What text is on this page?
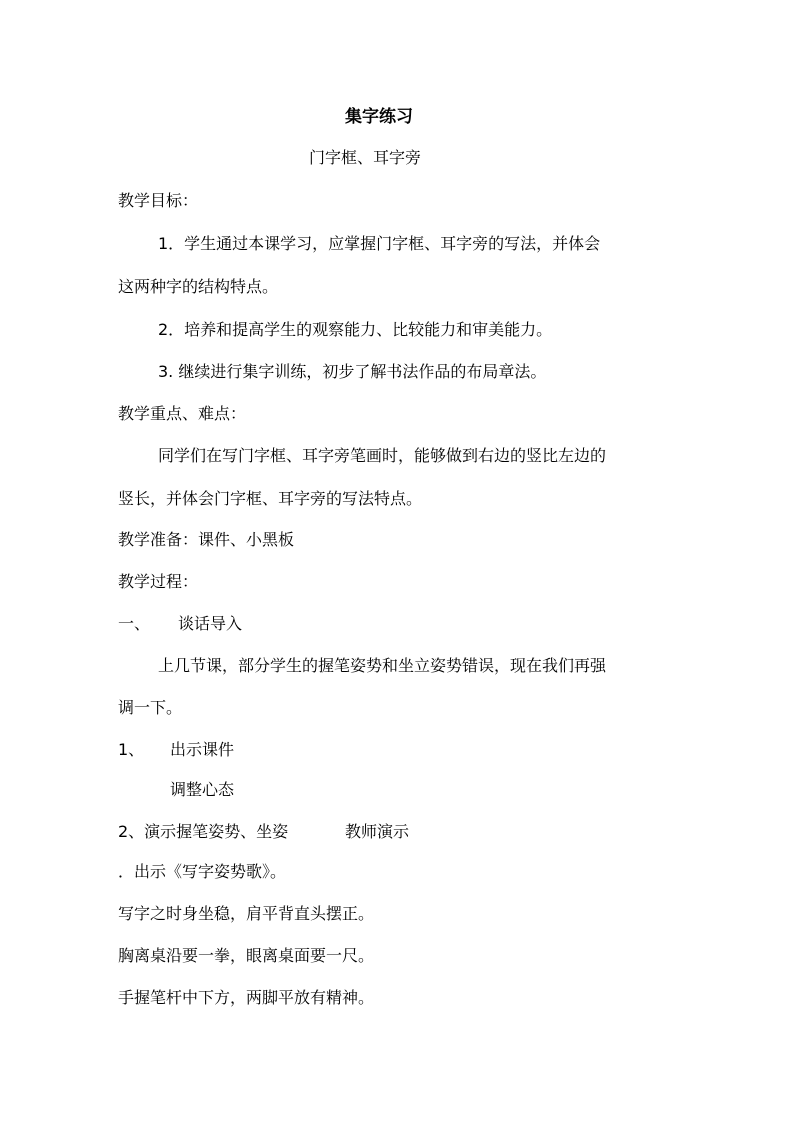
集字练习
门字框、耳字旁
教学目标：
1．学生通过本课学习，应掌握门字框、耳字旁的写法，并体会
这两种字的结构特点。
2．培养和提高学生的观察能力、比较能力和审美能力。
3. 继续进行集字训练，初步了解书法作品的布局章法。
教学重点、难点：
同学们在写门字框、耳字旁笔画时，能够做到右边的竖比左边的
竖长，并体会门字框、耳字旁的写法特点。
教学准备：课件、小黑板
教学过程：
一、 谈话导入
上几节课，部分学生的握笔姿势和坐立姿势错误，现在我们再强
调一下。
1、 出示课件
调整心态
2、演示握笔姿势、坐姿	教师演示
．出示《写字姿势歌》。
写字之时身坐稳，肩平背直头摆正。
胸离桌沿要一拳，眼离桌面要一尺。
手握笔杆中下方，两脚平放有精神。
